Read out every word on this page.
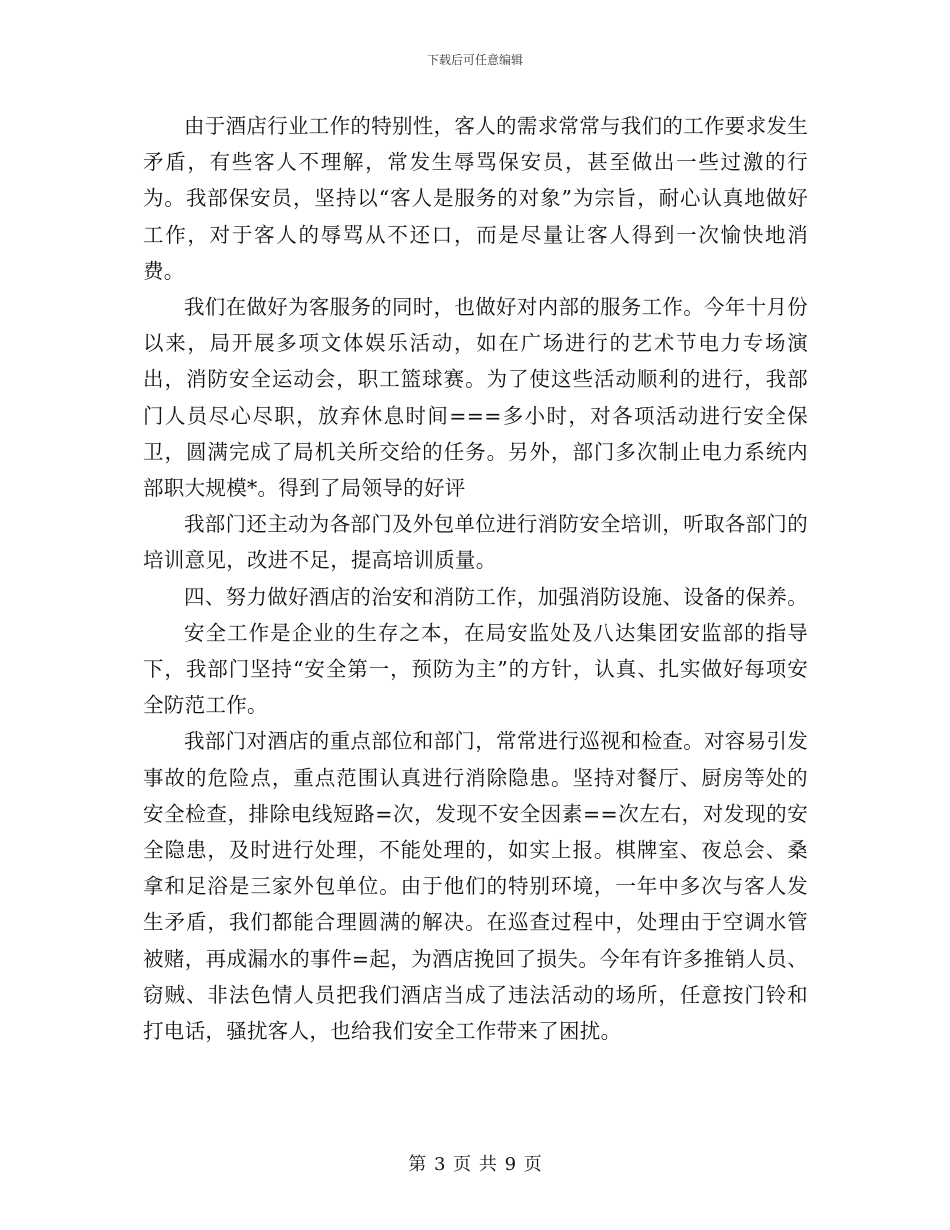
下载后可任意编辑

由于酒店行业工作的特别性，客人的需求常常与我们的工作要求发生矛盾，有些客人不理解，常发生辱骂保安员，甚至做出一些过激的行为。我部保安员，坚持以“客人是服务的对象”为宗旨，耐心认真地做好工作，对于客人的辱骂从不还口，而是尽量让客人得到一次愉快地消费。

我们在做好为客服务的同时，也做好对内部的服务工作。今年十月份以来，局开展多项文体娱乐活动，如在广场进行的艺术节电力专场演出，消防安全运动会，职工篮球赛。为了使这些活动顺利的进行，我部门人员尽心尽职，放弃休息时间===多小时，对各项活动进行安全保卫，圆满完成了局机关所交给的任务。另外，部门多次制止电力系统内部职大规模*。得到了局领导的好评

我部门还主动为各部门及外包单位进行消防安全培训，听取各部门的培训意见，改进不足，提高培训质量。

四、努力做好酒店的治安和消防工作，加强消防设施、设备的保养。

安全工作是企业的生存之本，在局安监处及八达集团安监部的指导下，我部门坚持“安全第一，预防为主”的方针，认真、扎实做好每项安全防范工作。

我部门对酒店的重点部位和部门，常常进行巡视和检查。对容易引发事故的危险点，重点范围认真进行消除隐患。坚持对餐厅、厨房等处的安全检查，排除电线短路=次，发现不安全因素==次左右，对发现的安全隐患，及时进行处理，不能处理的，如实上报。棋牌室、夜总会、桑拿和足浴是三家外包单位。由于他们的特别环境，一年中多次与客人发生矛盾，我们都能合理圆满的解决。在巡查过程中，处理由于空调水管被赌，再成漏水的事件=起，为酒店挽回了损失。今年有许多推销人员、窃贼、非法色情人员把我们酒店当成了违法活动的场所，任意按门铃和打电话，骚扰客人，也给我们安全工作带来了困扰。

第 3 页 共 9 页
